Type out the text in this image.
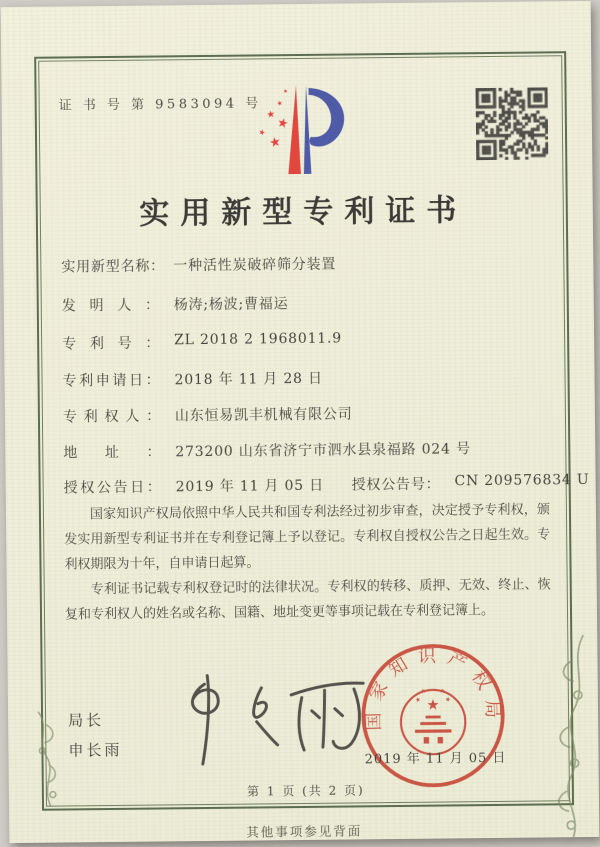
证 书 号 第 9583094 号
实用新型专利证书
实用新型名称： 一种活性炭破碎筛分装置
发明人： 杨涛;杨波;曹福运
专利号： ZL 2018 2 1968011.9
专利申请日： 2018 年 11 月 28 日
专利权人： 山东恒易凯丰机械有限公司
地址： 273200 山东省济宁市泗水县泉福路 024 号
授权公告日： 2019 年 11 月 05 日 授权公告号： CN 209576834 U

国家知识产权局依照中华人民共和国专利法经过初步审查，决定授予专利权，颁发实用新型专利证书并在专利登记簿上予以登记。专利权自授权公告之日起生效。专利权期限为十年，自申请日起算。

专利证书记载专利权登记时的法律状况。专利权的转移、质押、无效、终止、恢复和专利权人的姓名或名称、国籍、地址变更等事项记载在专利登记簿上。

局长
申长雨
国家知识产权局
2019 年 11 月 05 日
第 1 页 (共 2 页)
其他事项参见背面
